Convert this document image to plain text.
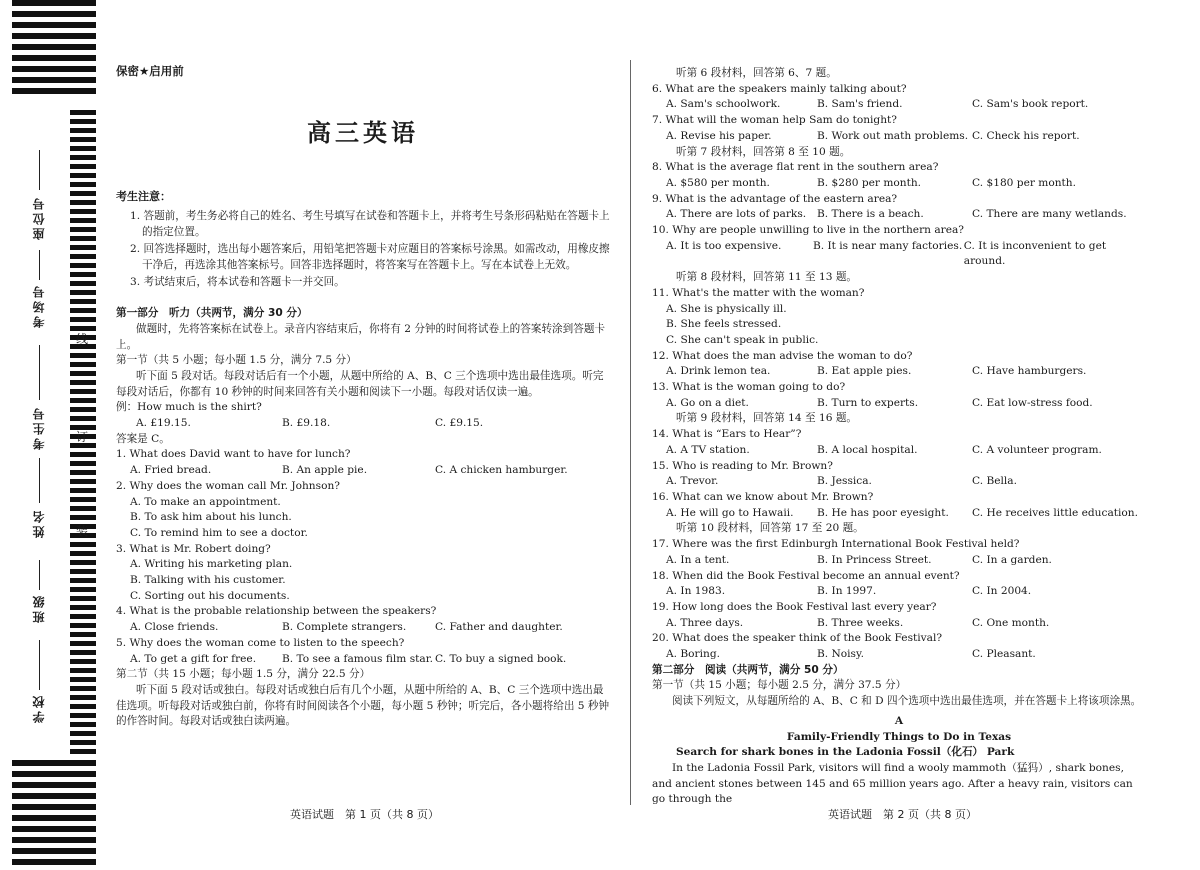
座位号
考场号
考生号
姓名
班级
学校
线
订
装
保密★启用前
高三英语
考生注意：
1. 答题前，考生务必将自己的姓名、考生号填写在试卷和答题卡上，并将考生号条形码粘贴在答题卡上的指定位置。
2. 回答选择题时，选出每小题答案后，用铅笔把答题卡对应题目的答案标号涂黑。如需改动，用橡皮擦干净后，再选涂其他答案标号。回答非选择题时，将答案写在答题卡上。写在本试卷上无效。
3. 考试结束后，将本试卷和答题卡一并交回。
第一部分　听力（共两节，满分 30 分）
做题时，先将答案标在试卷上。录音内容结束后，你将有 2 分钟的时间将试卷上的答案转涂到答题卡上。
第一节（共 5 小题；每小题 1.5 分，满分 7.5 分）
听下面 5 段对话。每段对话后有一个小题，从题中所给的 A、B、C 三个选项中选出最佳选项。听完每段对话后，你都有 10 秒钟的时间来回答有关小题和阅读下一小题。每段对话仅读一遍。
例：How much is the shirt?
A. £19.15.	B. £9.18.	C. £9.15.
答案是 C。
1. What does David want to have for lunch?
A. Fried bread.	B. An apple pie.	C. A chicken hamburger.
2. Why does the woman call Mr. Johnson?
A. To make an appointment.
B. To ask him about his lunch.
C. To remind him to see a doctor.
3. What is Mr. Robert doing?
A. Writing his marketing plan.
B. Talking with his customer.
C. Sorting out his documents.
4. What is the probable relationship between the speakers?
A. Close friends.	B. Complete strangers.	C. Father and daughter.
5. Why does the woman come to listen to the speech?
A. To get a gift for free.	B. To see a famous film star. C. To buy a signed book.
第二节（共 15 小题；每小题 1.5 分，满分 22.5 分）
听下面 5 段对话或独白。每段对话或独白后有几个小题，从题中所给的 A、B、C 三个选项中选出最佳选项。听每段对话或独白前，你将有时间阅读各个小题，每小题 5 秒钟；听完后，各小题将给出 5 秒钟的作答时间。每段对话或独白读两遍。
听第 6 段材料，回答第 6、7 题。
6. What are the speakers mainly talking about?
A. Sam's schoolwork.	B. Sam's friend.	C. Sam's book report.
7. What will the woman help Sam do tonight?
A. Revise his paper.	B. Work out math problems. C. Check his report.
听第 7 段材料，回答第 8 至 10 题。
8. What is the average flat rent in the southern area?
A. $580 per month.	B. $280 per month.	C. $180 per month.
9. What is the advantage of the eastern area?
A. There are lots of parks.	B. There is a beach.	C. There are many wetlands.
10. Why are people unwilling to live in the northern area?
A. It is too expensive.	B. It is near many factories. C. It is inconvenient to get around.
听第 8 段材料，回答第 11 至 13 题。
11. What's the matter with the woman?
A. She is physically ill.
B. She feels stressed.
C. She can't speak in public.
12. What does the man advise the woman to do?
A. Drink lemon tea.	B. Eat apple pies.	C. Have hamburgers.
13. What is the woman going to do?
A. Go on a diet.	B. Turn to experts.	C. Eat low-stress food.
听第 9 段材料，回答第 14 至 16 题。
14. What is “Ears to Hear”?
A. A TV station.	B. A local hospital.	C. A volunteer program.
15. Who is reading to Mr. Brown?
A. Trevor.	B. Jessica.	C. Bella.
16. What can we know about Mr. Brown?
A. He will go to Hawaii.	B. He has poor eyesight.	C. He receives little education.
听第 10 段材料，回答第 17 至 20 题。
17. Where was the first Edinburgh International Book Festival held?
A. In a tent.	B. In Princess Street.	C. In a garden.
18. When did the Book Festival become an annual event?
A. In 1983.	B. In 1997.	C. In 2004.
19. How long does the Book Festival last every year?
A. Three days.	B. Three weeks.	C. One month.
20. What does the speaker think of the Book Festival?
A. Boring.	B. Noisy.	C. Pleasant.
第二部分　阅读（共两节，满分 50 分）
第一节（共 15 小题；每小题 2.5 分，满分 37.5 分）
阅读下列短文，从每题所给的 A、B、C 和 D 四个选项中选出最佳选项，并在答题卡上将该项涂黑。
A
Family-Friendly Things to Do in Texas
Search for shark bones in the Ladonia Fossil（化石） Park
In the Ladonia Fossil Park, visitors will find a wooly mammoth（猛犸）, shark bones, and ancient stones between 145 and 65 million years ago. After a heavy rain, visitors can go through the
英语试题　第 1 页（共 8 页）	英语试题　第 2 页（共 8 页）
